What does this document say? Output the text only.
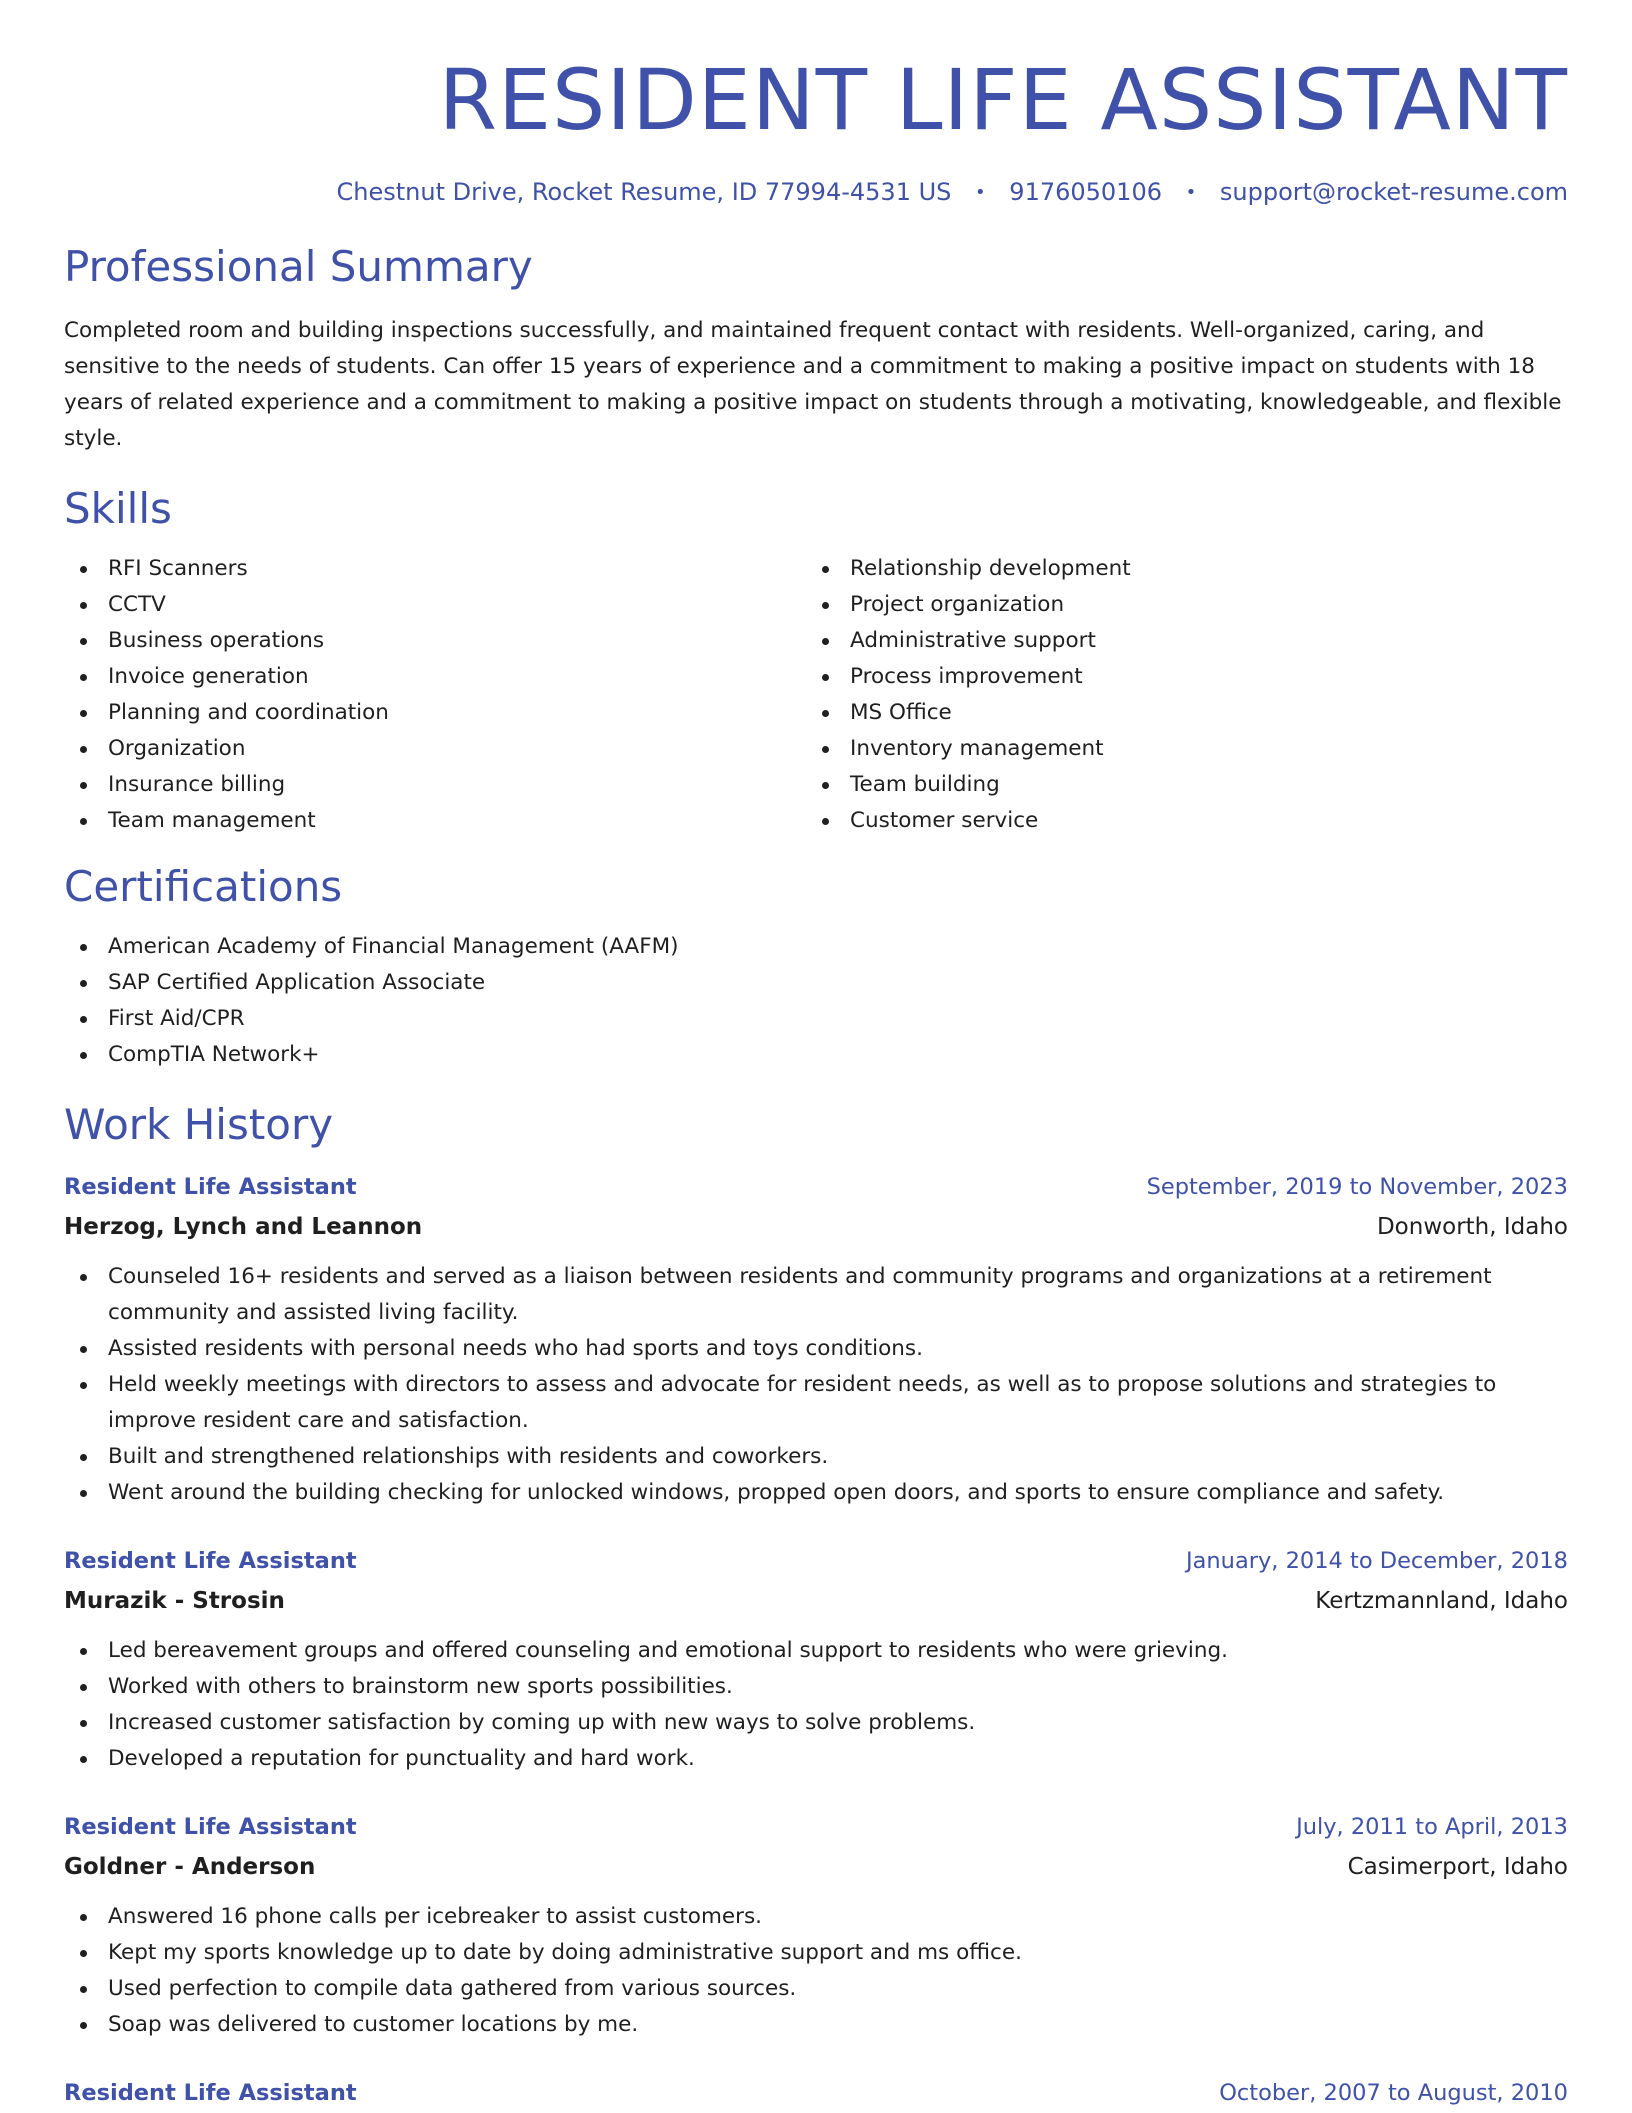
RESIDENT LIFE ASSISTANT
Chestnut Drive, Rocket Resume, ID 77994-4531 US • 9176050106 • support@rocket-resume.com
Professional Summary

Completed room and building inspections successfully, and maintained frequent contact with residents. Well-organized, caring, and sensitive to the needs of students. Can offer 15 years of experience and a commitment to making a positive impact on students with 18 years of related experience and a commitment to making a positive impact on students through a motivating, knowledgeable, and flexible style.

Skills
RFI Scanners
CCTV
Business operations
Invoice generation
Planning and coordination
Organization
Insurance billing
Team management
Relationship development
Project organization
Administrative support
Process improvement
MS Office
Inventory management
Team building
Customer service
Certifications
American Academy of Financial Management (AAFM)
SAP Certified Application Associate
First Aid/CPR
CompTIA Network+
Work History
Resident Life Assistant	September, 2019 to November, 2023
Herzog, Lynch and Leannon	Donworth, Idaho
Counseled 16+ residents and served as a liaison between residents and community programs and organizations at a retirement community and assisted living facility.
Assisted residents with personal needs who had sports and toys conditions.
Held weekly meetings with directors to assess and advocate for resident needs, as well as to propose solutions and strategies to improve resident care and satisfaction.
Built and strengthened relationships with residents and coworkers.
Went around the building checking for unlocked windows, propped open doors, and sports to ensure compliance and safety.
Resident Life Assistant	January, 2014 to December, 2018
Murazik - Strosin	Kertzmannland, Idaho
Led bereavement groups and offered counseling and emotional support to residents who were grieving.
Worked with others to brainstorm new sports possibilities.
Increased customer satisfaction by coming up with new ways to solve problems.
Developed a reputation for punctuality and hard work.
Resident Life Assistant	July, 2011 to April, 2013
Goldner - Anderson	Casimerport, Idaho
Answered 16 phone calls per icebreaker to assist customers.
Kept my sports knowledge up to date by doing administrative support and ms office.
Used perfection to compile data gathered from various sources.
Soap was delivered to customer locations by me.
Resident Life Assistant	October, 2007 to August, 2010
